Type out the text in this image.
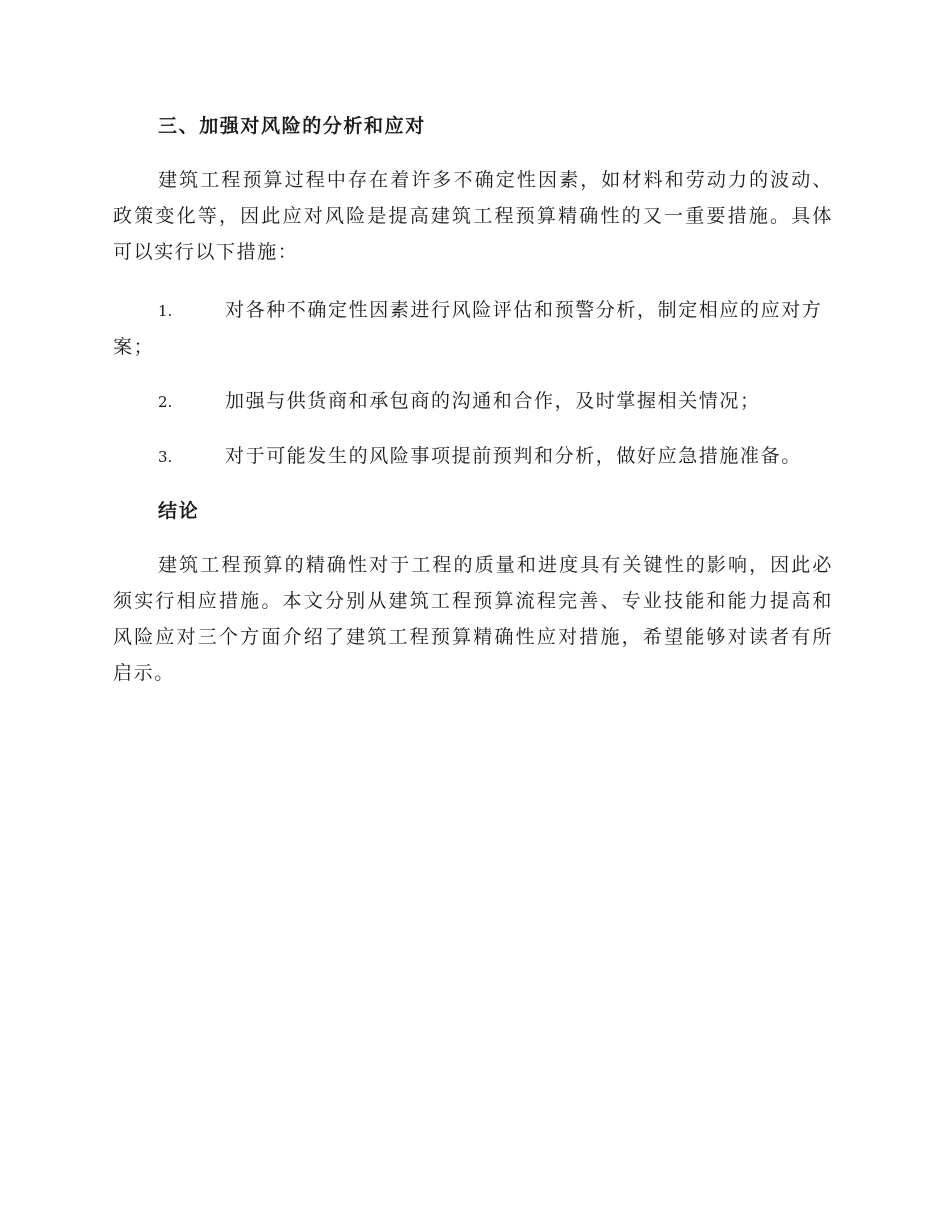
三、加强对风险的分析和应对

建筑工程预算过程中存在着许多不确定性因素，如材料和劳动力的波动、政策变化等，因此应对风险是提高建筑工程预算精确性的又一重要措施。具体可以实行以下措施：

1.	对各种不确定性因素进行风险评估和预警分析，制定相应的应对方案；
2.	加强与供货商和承包商的沟通和合作，及时掌握相关情况；
3.	对于可能发生的风险事项提前预判和分析，做好应急措施准备。
结论

建筑工程预算的精确性对于工程的质量和进度具有关键性的影响，因此必须实行相应措施。本文分别从建筑工程预算流程完善、专业技能和能力提高和风险应对三个方面介绍了建筑工程预算精确性应对措施，希望能够对读者有所启示。
